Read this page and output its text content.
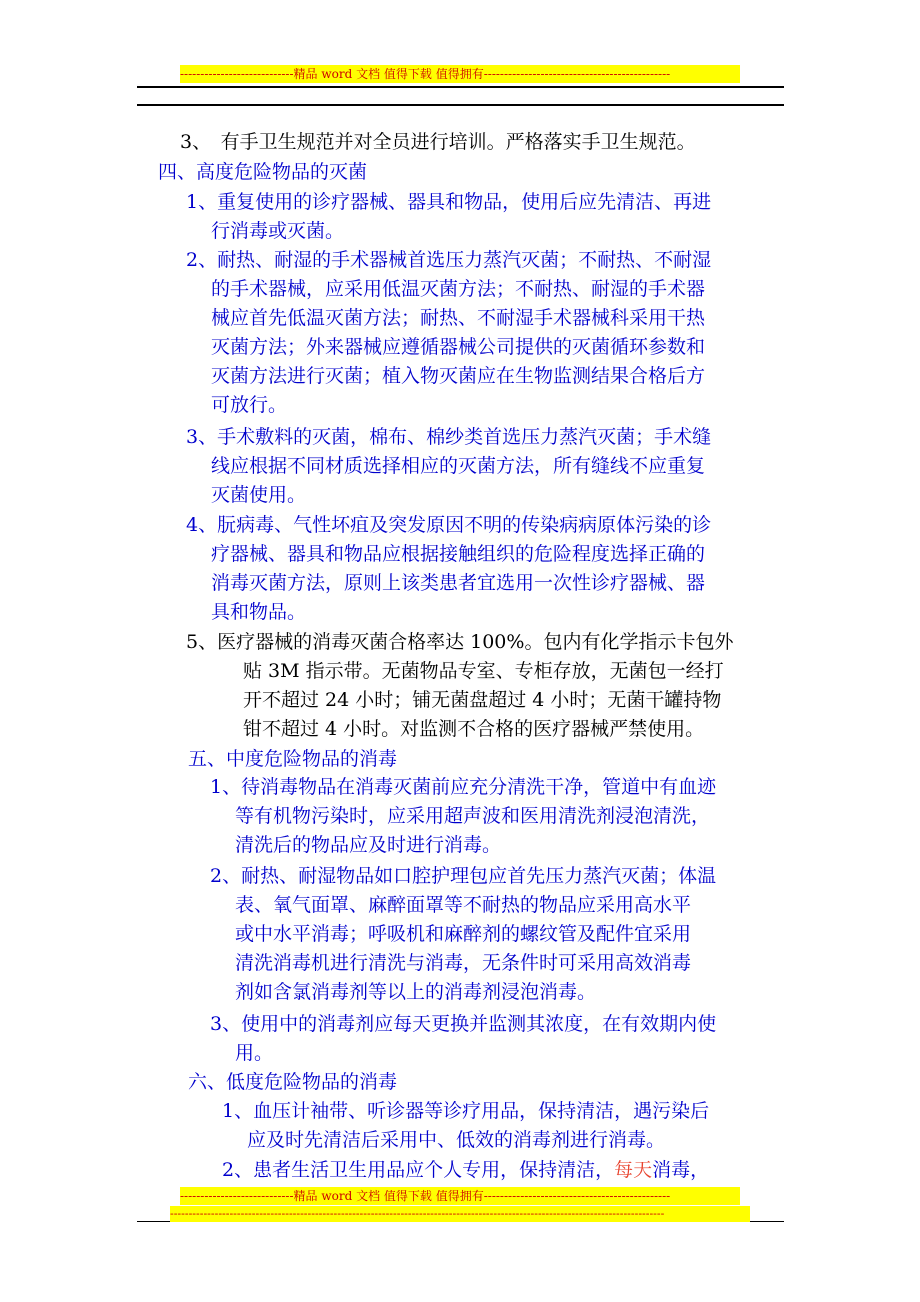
----------------------------精品 word 文档 值得下载 值得拥有----------------------------------------------
3、　有手卫生规范并对全员进行培训。严格落实手卫生规范。
四、高度危险物品的灭菌
1、重复使用的诊疗器械、器具和物品，使用后应先清洁、再进
　 行消毒或灭菌。
2、耐热、耐湿的手术器械首选压力蒸汽灭菌；不耐热、不耐湿
　 的手术器械，应采用低温灭菌方法；不耐热、耐湿的手术器
　 械应首先低温灭菌方法；耐热、不耐湿手术器械科采用干热
　 灭菌方法；外来器械应遵循器械公司提供的灭菌循环参数和
　 灭菌方法进行灭菌；植入物灭菌应在生物监测结果合格后方
　 可放行。
3、手术敷料的灭菌，棉布、棉纱类首选压力蒸汽灭菌；手术缝
　 线应根据不同材质选择相应的灭菌方法，所有缝线不应重复
　 灭菌使用。
4、朊病毒、气性坏疽及突发原因不明的传染病病原体污染的诊
　 疗器械、器具和物品应根据接触组织的危险程度选择正确的
　 消毒灭菌方法，原则上该类患者宜选用一次性诊疗器械、器
　 具和物品。
5、医疗器械的消毒灭菌合格率达 100%。包内有化学指示卡包外
　　　贴 3M 指示带。无菌物品专室、专柜存放，无菌包一经打
　　　开不超过 24 小时；铺无菌盘超过 4 小时；无菌干罐持物
　　　钳不超过 4 小时。对监测不合格的医疗器械严禁使用。
五、中度危险物品的消毒
1、待消毒物品在消毒灭菌前应充分清洗干净，管道中有血迹
　 等有机物污染时，应采用超声波和医用清洗剂浸泡清洗，
　 清洗后的物品应及时进行消毒。
2、耐热、耐湿物品如口腔护理包应首先压力蒸汽灭菌；体温
　 表、氧气面罩、麻醉面罩等不耐热的物品应采用高水平
　 或中水平消毒；呼吸机和麻醉剂的螺纹管及配件宜采用
　 清洗消毒机进行清洗与消毒，无条件时可采用高效消毒
　 剂如含氯消毒剂等以上的消毒剂浸泡消毒。
3、使用中的消毒剂应每天更换并监测其浓度，在有效期内使
　 用。
六、低度危险物品的消毒
1、血压计袖带、听诊器等诊疗用品，保持清洁，遇污染后
　 应及时先清洁后采用中、低效的消毒剂进行消毒。
2、患者生活卫生用品应个人专用，保持清洁，每天消毒，
----------------------------精品 word 文档 值得下载 值得拥有----------------------------------------------
-------------------------------------------------------------------------------------------------------------------------------------
